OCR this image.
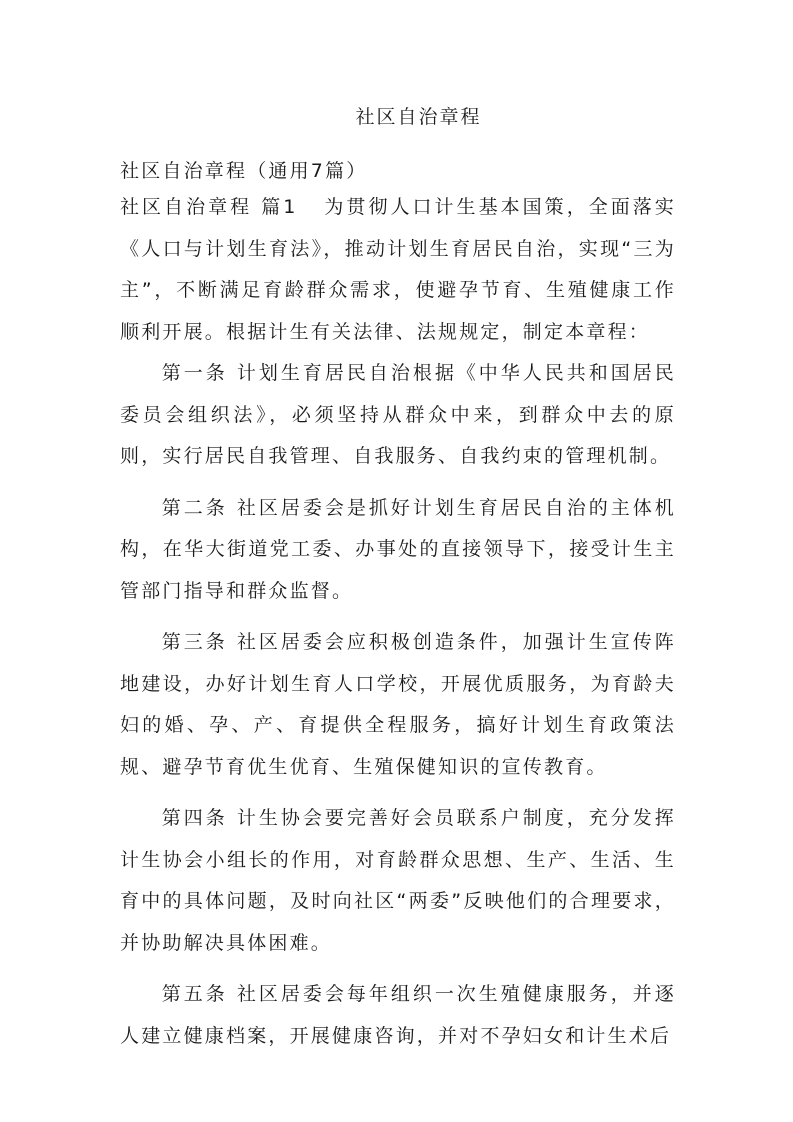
社区自治章程

社区自治章程（通用7篇）

社区自治章程 篇1 为贯彻人口计生基本国策，全面落实《人口与计划生育法》，推动计划生育居民自治，实现“三为主”，不断满足育龄群众需求，使避孕节育、生殖健康工作顺利开展。根据计生有关法律、法规规定，制定本章程：

第一条 计划生育居民自治根据《中华人民共和国居民委员会组织法》，必须坚持从群众中来，到群众中去的原则，实行居民自我管理、自我服务、自我约束的管理机制。

第二条 社区居委会是抓好计划生育居民自治的主体机构，在华大街道党工委、办事处的直接领导下，接受计生主管部门指导和群众监督。

第三条 社区居委会应积极创造条件，加强计生宣传阵地建设，办好计划生育人口学校，开展优质服务，为育龄夫妇的婚、孕、产、育提供全程服务，搞好计划生育政策法规、避孕节育优生优育、生殖保健知识的宣传教育。

第四条 计生协会要完善好会员联系户制度，充分发挥计生协会小组长的作用，对育龄群众思想、生产、生活、生育中的具体问题，及时向社区“两委”反映他们的合理要求，并协助解决具体困难。

第五条 社区居委会每年组织一次生殖健康服务，并逐人建立健康档案，开展健康咨询，并对不孕妇女和计生术后
